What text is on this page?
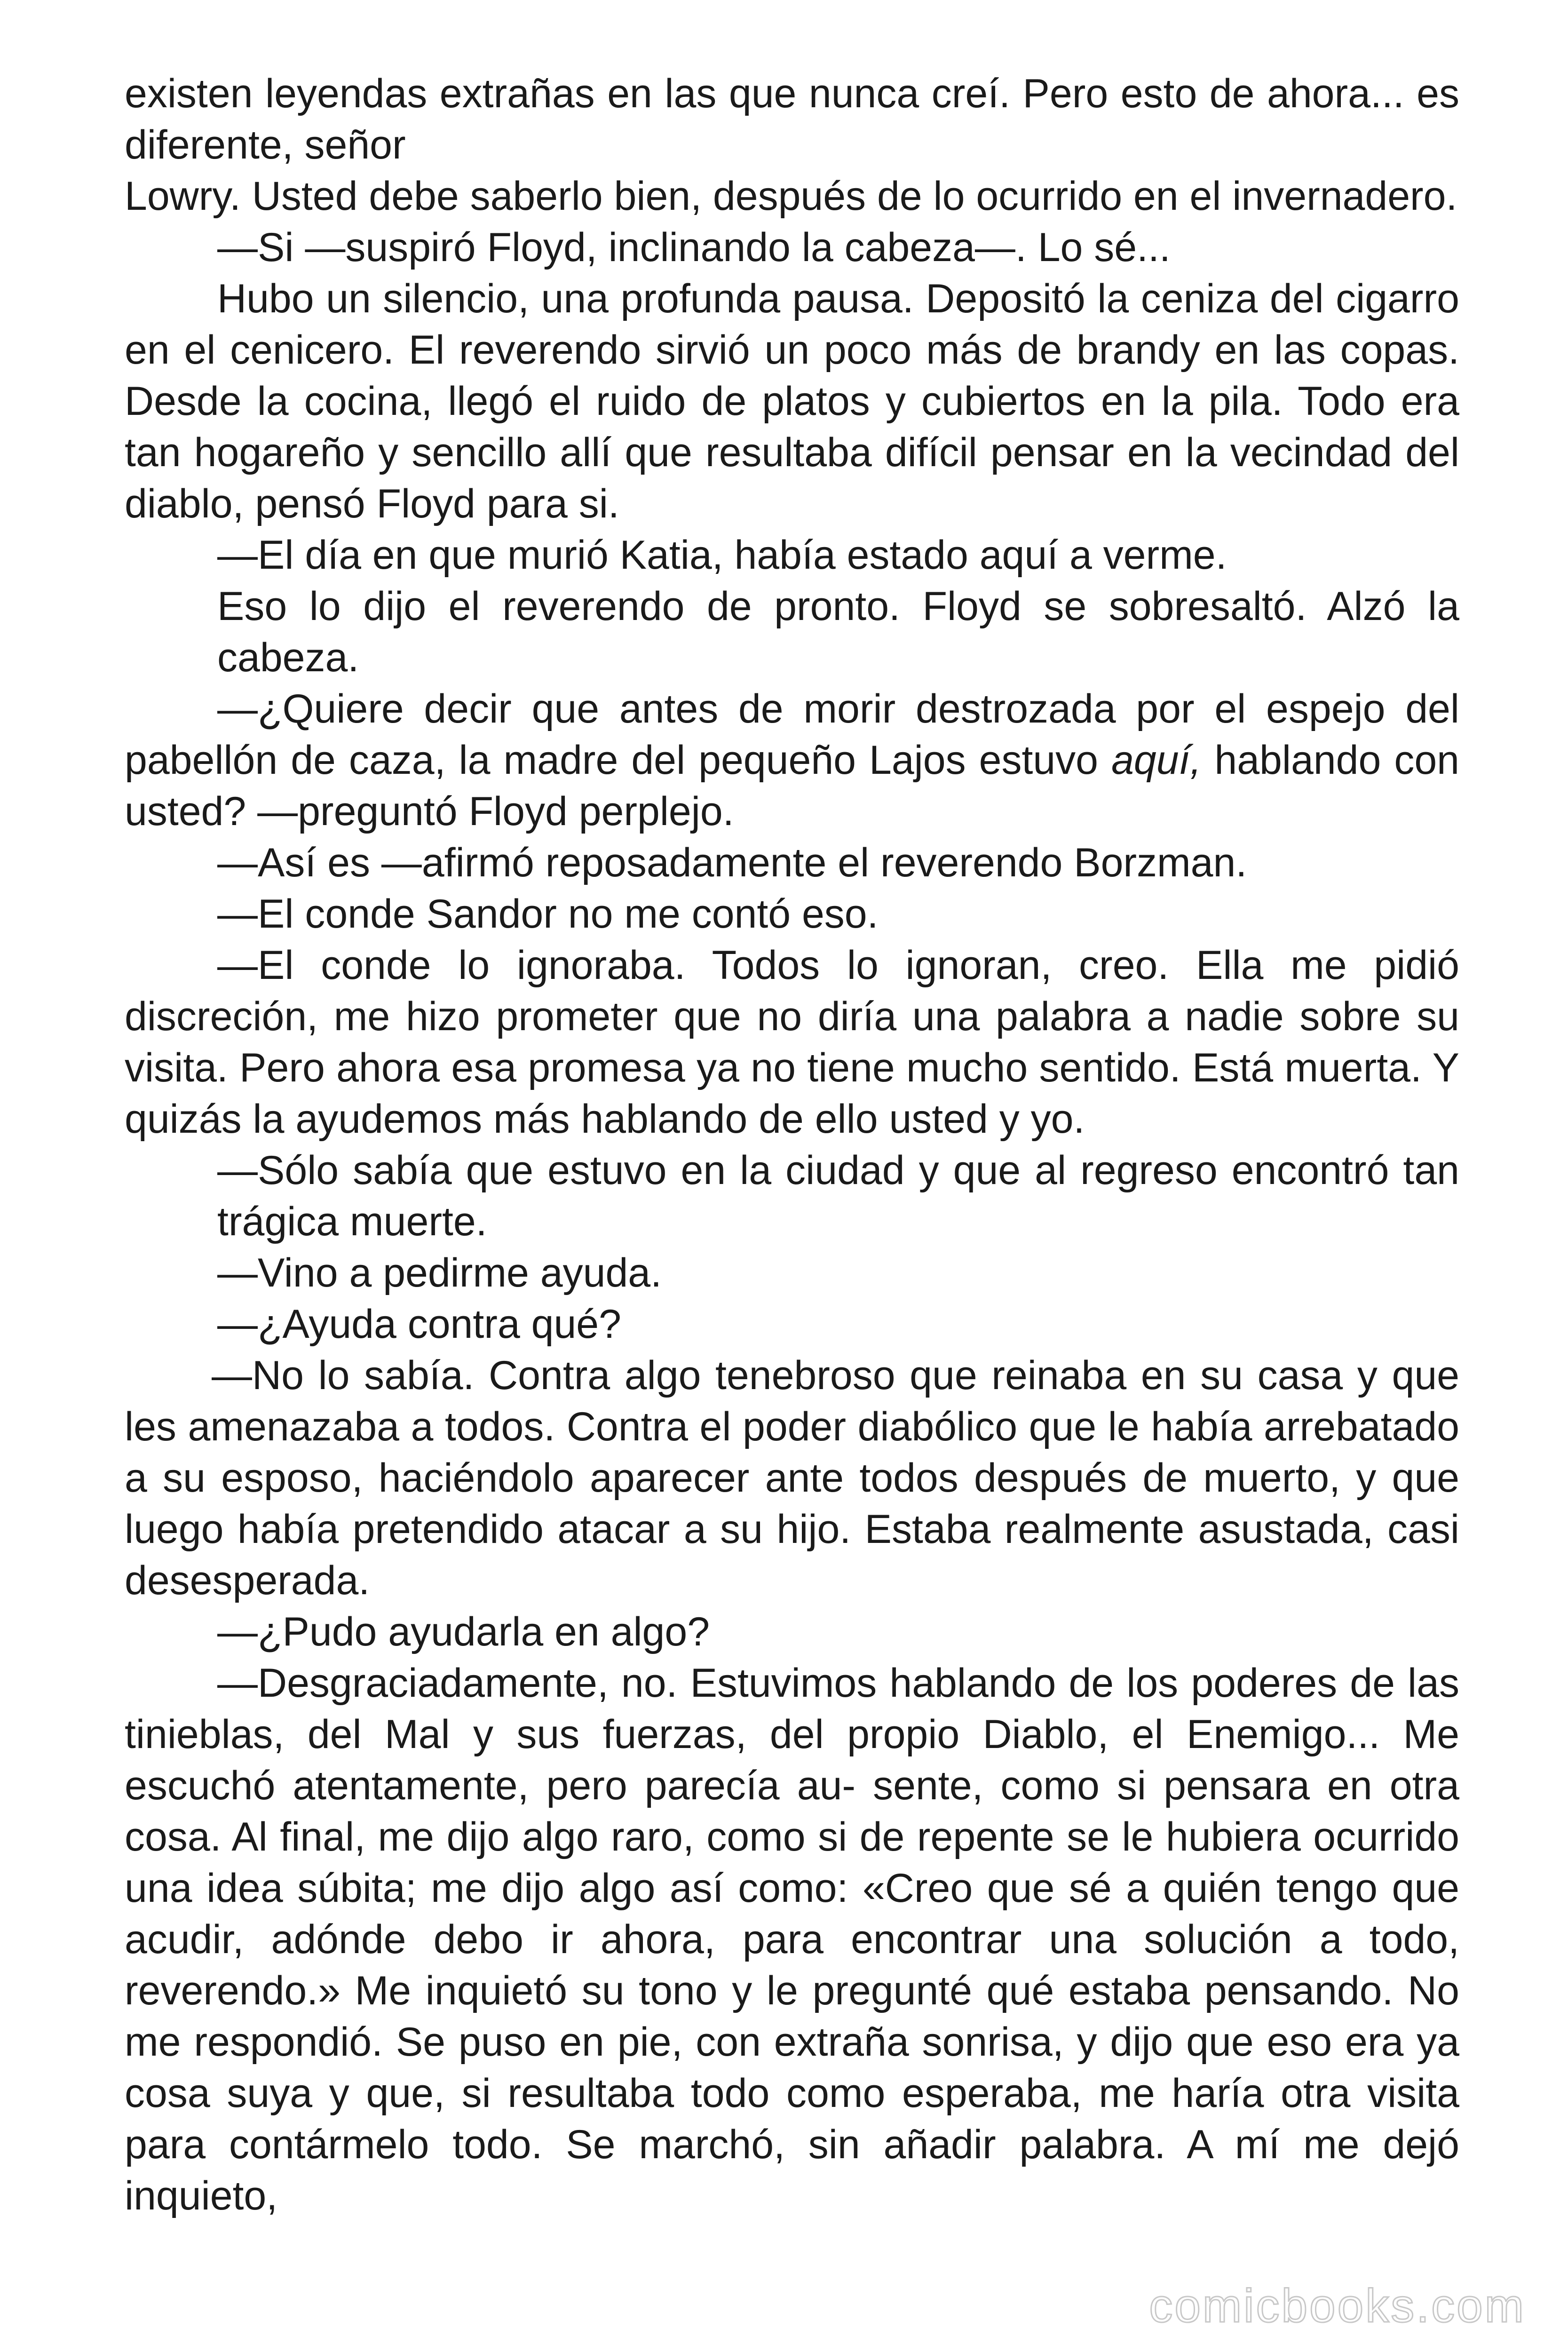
existen leyendas extrañas en las que nunca creí. Pero esto de ahora... es diferente, señor

Lowry. Usted debe saberlo bien, después de lo ocurrido en el invernadero.

—Si —suspiró Floyd, inclinando la cabeza—. Lo sé...

Hubo un silencio, una profunda pausa. Depositó la ceniza del cigarro en el cenicero. El reverendo sirvió un poco más de brandy en las copas. Desde la cocina, llegó el ruido de platos y cubiertos en la pila. Todo era tan hogareño y sencillo allí que resultaba difícil pensar en la vecindad del diablo, pensó Floyd para si.

—El día en que murió Katia, había estado aquí a verme.

Eso lo dijo el reverendo de pronto. Floyd se sobresaltó. Alzó la cabeza.

—¿Quiere decir que antes de morir destrozada por el espejo del pabellón de caza, la madre del pequeño Lajos estuvo aquí, hablando con usted? —preguntó Floyd perplejo.

—Así es —afirmó reposadamente el reverendo Borzman.

—El conde Sandor no me contó eso.

—El conde lo ignoraba. Todos lo ignoran, creo. Ella me pidió discreción, me hizo prometer que no diría una palabra a nadie sobre su visita. Pero ahora esa promesa ya no tiene mucho sentido. Está muerta. Y quizás la ayudemos más hablando de ello usted y yo.

—Sólo sabía que estuvo en la ciudad y que al regreso encontró tan trágica muerte.

—Vino a pedirme ayuda.

—¿Ayuda contra qué?

—No lo sabía. Contra algo tenebroso que reinaba en su casa y que les amenazaba a todos. Contra el poder diabólico que le había arrebatado a su esposo, haciéndolo aparecer ante todos después de muerto, y que luego había pretendido atacar a su hijo. Estaba realmente asustada, casi desesperada.

—¿Pudo ayudarla en algo?

—Desgraciadamente, no. Estuvimos hablando de los poderes de las tinieblas, del Mal y sus fuerzas, del propio Diablo, el Enemigo... Me escuchó atentamente, pero parecía au- sente, como si pensara en otra cosa. Al final, me dijo algo raro, como si de repente se le hubiera ocurrido una idea súbita; me dijo algo así como: «Creo que sé a quién tengo que acudir, adónde debo ir ahora, para encontrar una solución a todo, reverendo.» Me inquietó su tono y le pregunté qué estaba pensando. No me respondió. Se puso en pie, con extraña sonrisa, y dijo que eso era ya cosa suya y que, si resultaba todo como esperaba, me haría otra visita para contármelo todo. Se marchó, sin añadir palabra. A mí me dejó inquieto,

comicbooks.com
